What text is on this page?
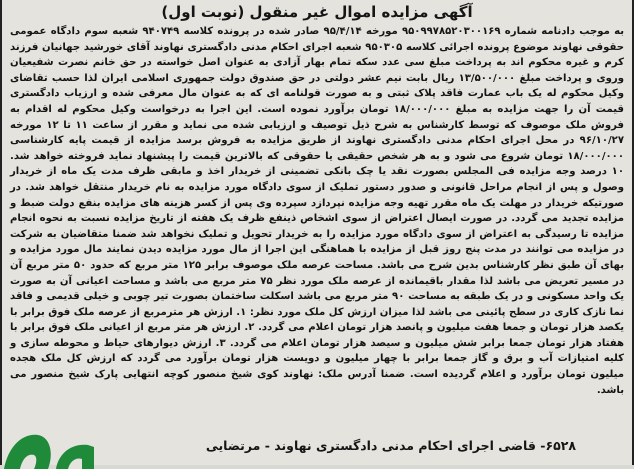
آگهی مزایده اموال غیر منقول (نوبت اول)

به موجب دادنامه شماره ۹۵۰۹۹۷۸۵۲۰۳۰۰۱۶۹ مورخه ۹۵/۴/۱۴ صادر شده در پرونده کلاسه ۹۴۰۷۴۹ شعبه سوم دادگاه عمومی حقوقی نهاوند موضوع پرونده اجرائی کلاسه ۹۵۰۳۰۵ شعبه اجرای احکام مدنی دادگستری نهاوند آقای خورشید جهانیان فرزند کرم و غیره محکوم اند به پرداخت مبلغ سی عدد سکه تمام بهار آزادی به عنوان اصل خواسته در حق خانم نصرت شفیعیان وروی و پرداخت مبلغ ۱۳/۵۰۰/۰۰۰ ریال بابت نیم عشر دولتی در حق صندوق دولت جمهوری اسلامی ایران لذا حسب تقاضای وکیل محکوم له یک باب عمارت فاقد پلاک ثبتی و به صورت قولنامه ای که به عنوان مال معرفی شده و ارزیاب دادگستری قیمت آن را جهت مزایده به مبلغ ۱۸/۰۰۰/۰۰۰ تومان برآورد نموده است. این اجرا به درخواست وکیل محکوم له اقدام به فروش ملک موصوف که توسط کارشناس به شرح ذیل توصیف و ارزیابی شده می نماید و مقرر از ساعت ۱۱ تا ۱۲ مورخه ۹۶/۱۰/۲۷ در محل اجرای احکام مدنی دادگستری نهاوند از طریق مزایده به فروش برسد مزایده از قیمت پایه کارشناسی ۱۸/۰۰۰/۰۰۰ تومان شروع می شود و به هر شخص حقیقی یا حقوقی که بالاترین قیمت را پیشنهاد نماید فروخته خواهد شد. ۱۰ درصد وجه مزایده فی المجلس بصورت نقد یا چک بانکی تضمینی از خریدار اخذ و مابقی ظرف مدت یک ماه از خریدار وصول و پس از انجام مراحل قانونی و صدور دستور تملیک از سوی دادگاه مورد مزایده به نام خریدار منتقل خواهد شد. در صورتیکه خریدار در مهلت یک ماه مقرر تهیه وجه مزایده نپردازد سپرده وی پس از کسر هزینه های مزایده بنفع دولت ضبط و مزایده تجدید می گردد. در صورت ایصال اعتراض از سوی اشخاص ذینفع ظرف یک هفته از تاریخ مزایده نسبت به نحوه انجام مزایده تا رسیدگی به اعتراض از سوی دادگاه مورد مزایده را به خریدار تحویل و تملیک نخواهد شد ضمنا متقاضیان به شرکت در مزایده می توانند در مدت پنج روز قبل از مزایده با هماهنگی این اجرا از مال مورد مزایده دیدن نمایند مال مورد مزایده و بهای آن طبق نظر کارشناس بدین شرح می باشد. مساحت عرصه ملک موصوف برابر ۱۲۵ متر مربع که حدود ۵۰ متر مربع آن در مسیر تعریض می باشد لذا مقدار باقیمانده از عرصه ملک مورد نظر ۷۵ متر مربع می باشد و مساحت اعیانی آن به صورت یک واحد مسکونی و در یک طبقه به مساحت ۹۰ متر مربع می باشد اسکلت ساختمان بصورت تیر چوبی و خیلی قدیمی و فاقد نما نازک کاری در سطح پائینی می باشد لذا میزان ارزش کل ملک مورد نظر: ۱. ارزش هر مترمربع از عرصه ملک فوق برابر با یکصد هزار تومان و جمعا هفت میلیون و پانصد هزار تومان اعلام می گردد. ۲. ارزش هر متر مربع از اعیانی ملک فوق برابر با هفتاد هزار تومان جمعا برابر شش میلیون و سیصد هزار تومان اعلام می گردد. ۳. ارزش دیوارهای حیاط و محوطه سازی و کلیه امتیازات آب و برق و گاز جمعا برابر با چهار میلیون و دویست هزار تومان برآورد می گردد که ارزش کل ملک هجده میلیون تومان برآورد و اعلام گردیده است. ضمنا آدرس ملک: نهاوند کوی شیخ منصور کوچه انتهایی پارک شیخ منصور می باشد.

۶۵۲۸- قاضی اجرای احکام مدنی دادگستری نهاوند - مرتضایی
